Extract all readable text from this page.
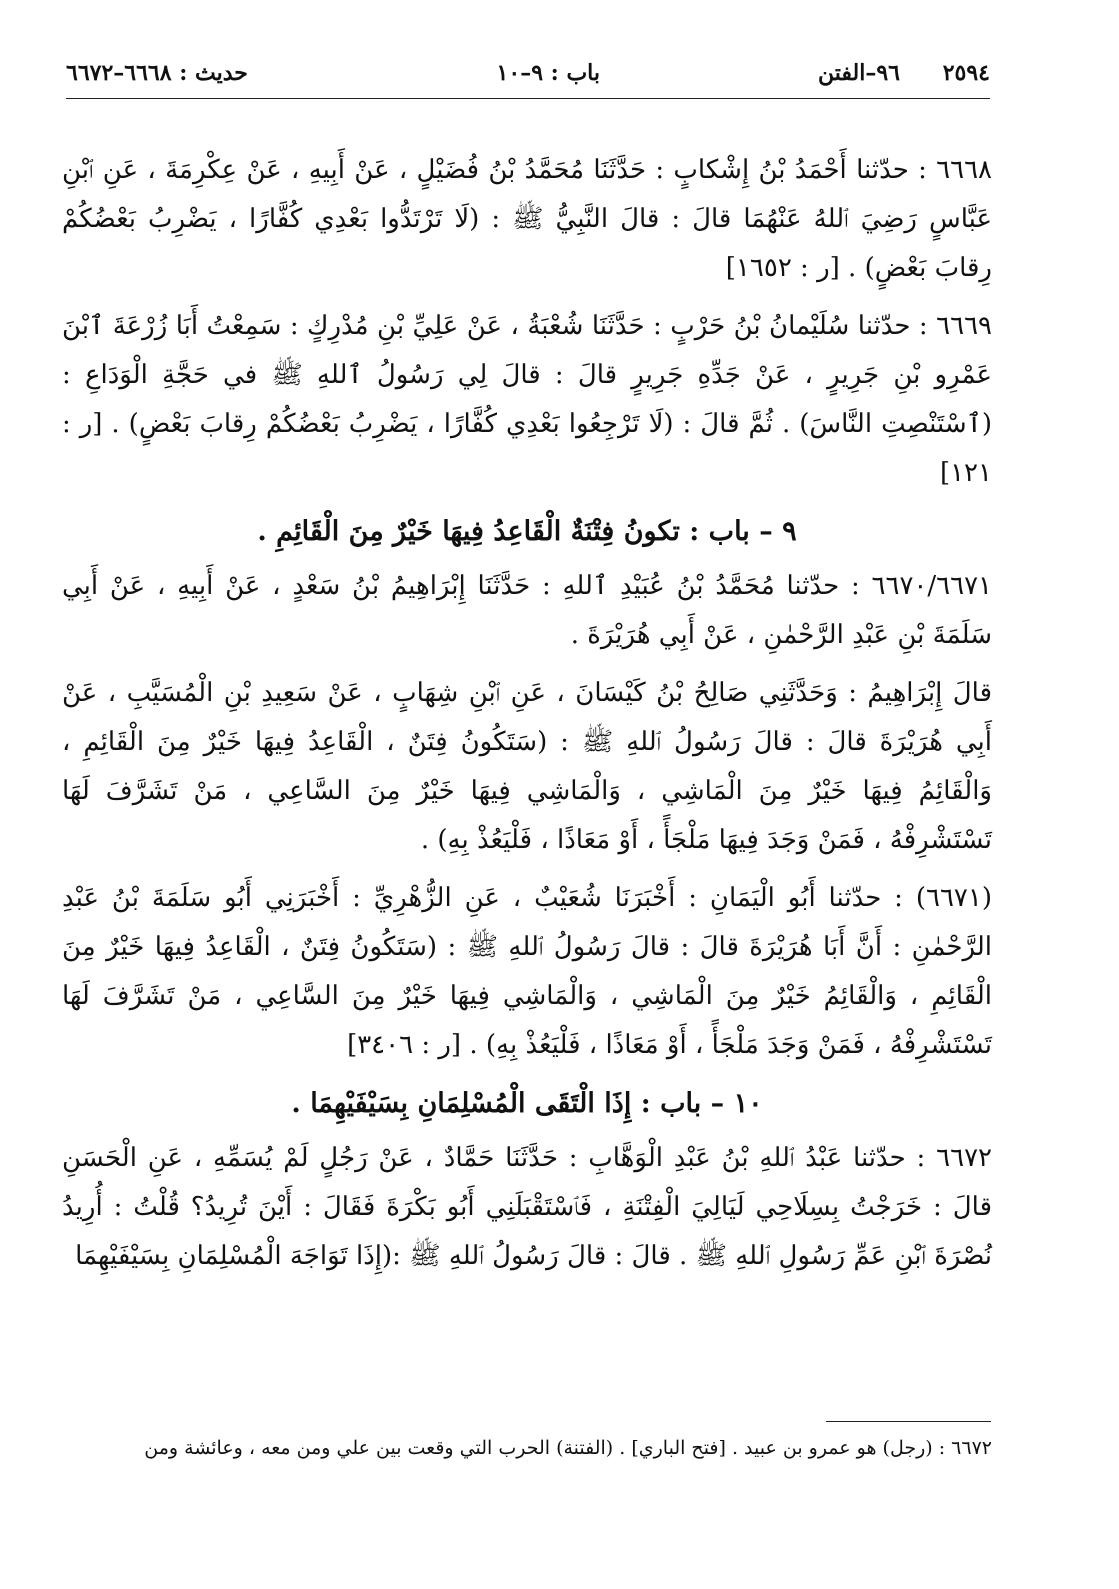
٢٥٩٤
٩٦–الفتن
باب : ٩–١٠
حديث : ٦٦٦٨–٦٦٧٢

٦٦٦٨ : حدّثنا أَحْمَدُ بْنُ إِشْكابٍ : حَدَّثَنَا مُحَمَّدُ بْنُ فُضَيْلٍ ، عَنْ أَبِيهِ ، عَنْ عِكْرِمَةَ ، عَنِ ٱبْنِ عَبَّاسٍ رَضِيَ ٱللهُ عَنْهُمَا قالَ : قالَ النَّبِيُّ ﷺ : (لَا تَرْتَدُّوا بَعْدِي كُفَّارًا ، يَضْرِبُ بَعْضُكُمْ رِقابَ بَعْضٍ) . [ر : ١٦٥٢]

٦٦٦٩ : حدّثنا سُلَيْمانُ بْنُ حَرْبٍ : حَدَّثَنَا شُعْبَةُ ، عَنْ عَلِيِّ بْنِ مُدْرِكٍ : سَمِعْتُ أَبَا زُرْعَةَ ٱبْنَ عَمْرِو بْنِ جَرِيرٍ ، عَنْ جَدِّهِ جَرِيرٍ قالَ : قالَ لِي رَسُولُ ٱللهِ ﷺ في حَجَّةِ الْوَدَاعِ : (ٱسْتَنْصِتِ النَّاسَ) . ثُمَّ قالَ : (لَا تَرْجِعُوا بَعْدِي كُفَّارًا ، يَضْرِبُ بَعْضُكُمْ رِقابَ بَعْضٍ) . [ر : ١٢١]

٩ – باب : تكونُ فِتْنَةٌ الْقَاعِدُ فِيهَا خَيْرٌ مِنَ الْقَائِمِ .

٦٦٧٠/٦٦٧١ : حدّثنا مُحَمَّدُ بْنُ عُبَيْدِ ٱللهِ : حَدَّثَنَا إِبْرَاهِيمُ بْنُ سَعْدٍ ، عَنْ أَبِيهِ ، عَنْ أَبِي سَلَمَةَ بْنِ عَبْدِ الرَّحْمٰنِ ، عَنْ أَبِي هُرَيْرَةَ .

قالَ إِبْرَاهِيمُ : وَحَدَّثَنِي صَالِحُ بْنُ كَيْسَانَ ، عَنِ ٱبْنِ شِهَابٍ ، عَنْ سَعِيدِ بْنِ الْمُسَيَّبِ ، عَنْ أَبِي هُرَيْرَةَ قالَ : قالَ رَسُولُ ٱللهِ ﷺ : (سَتَكُونُ فِتَنٌ ، الْقَاعِدُ فِيهَا خَيْرٌ مِنَ الْقَائِمِ ، وَالْقَائِمُ فِيهَا خَيْرٌ مِنَ الْمَاشِي ، وَالْمَاشِي فِيهَا خَيْرٌ مِنَ السَّاعِي ، مَنْ تَشَرَّفَ لَهَا تَسْتَشْرِفْهُ ، فَمَنْ وَجَدَ فِيهَا مَلْجَأً ، أَوْ مَعَاذًا ، فَلْيَعُذْ بِهِ) .

(٦٦٧١) : حدّثنا أَبُو الْيَمَانِ : أَخْبَرَنَا شُعَيْبٌ ، عَنِ الزُّهْرِيِّ : أَخْبَرَنِي أَبُو سَلَمَةَ بْنُ عَبْدِ الرَّحْمٰنِ : أَنَّ أَبَا هُرَيْرَةَ قالَ : قالَ رَسُولُ ٱللهِ ﷺ : (سَتَكُونُ فِتَنٌ ، الْقَاعِدُ فِيهَا خَيْرٌ مِنَ الْقَائِمِ ، وَالْقَائِمُ خَيْرٌ مِنَ الْمَاشِي ، وَالْمَاشِي فِيهَا خَيْرٌ مِنَ السَّاعِي ، مَنْ تَشَرَّفَ لَهَا تَسْتَشْرِفْهُ ، فَمَنْ وَجَدَ مَلْجَأً ، أَوْ مَعَاذًا ، فَلْيَعُذْ بِهِ) . [ر : ٣٤٠٦]

١٠ – باب : إِذَا الْتَقَى الْمُسْلِمَانِ بِسَيْفَيْهِمَا .

٦٦٧٢ : حدّثنا عَبْدُ ٱللهِ بْنُ عَبْدِ الْوَهَّابِ : حَدَّثَنَا حَمَّادٌ ، عَنْ رَجُلٍ لَمْ يُسَمِّهِ ، عَنِ الْحَسَنِ قالَ : خَرَجْتُ بِسِلَاحِي لَيَالِيَ الْفِتْنَةِ ، فَٱسْتَقْبَلَنِي أَبُو بَكْرَةَ فَقَالَ : أَيْنَ تُرِيدُ؟ قُلْتُ : أُرِيدُ نُصْرَةَ ٱبْنِ عَمِّ رَسُولِ ٱللهِ ﷺ . قالَ : قالَ رَسُولُ ٱللهِ ﷺ :(إِذَا تَوَاجَهَ الْمُسْلِمَانِ بِسَيْفَيْهِمَا

٦٦٧٢ : (رجل) هو عمرو بن عبيد . [فتح الباري] . (الفتنة) الحرب التي وقعت بين علي ومن معه ، وعائشة ومن
